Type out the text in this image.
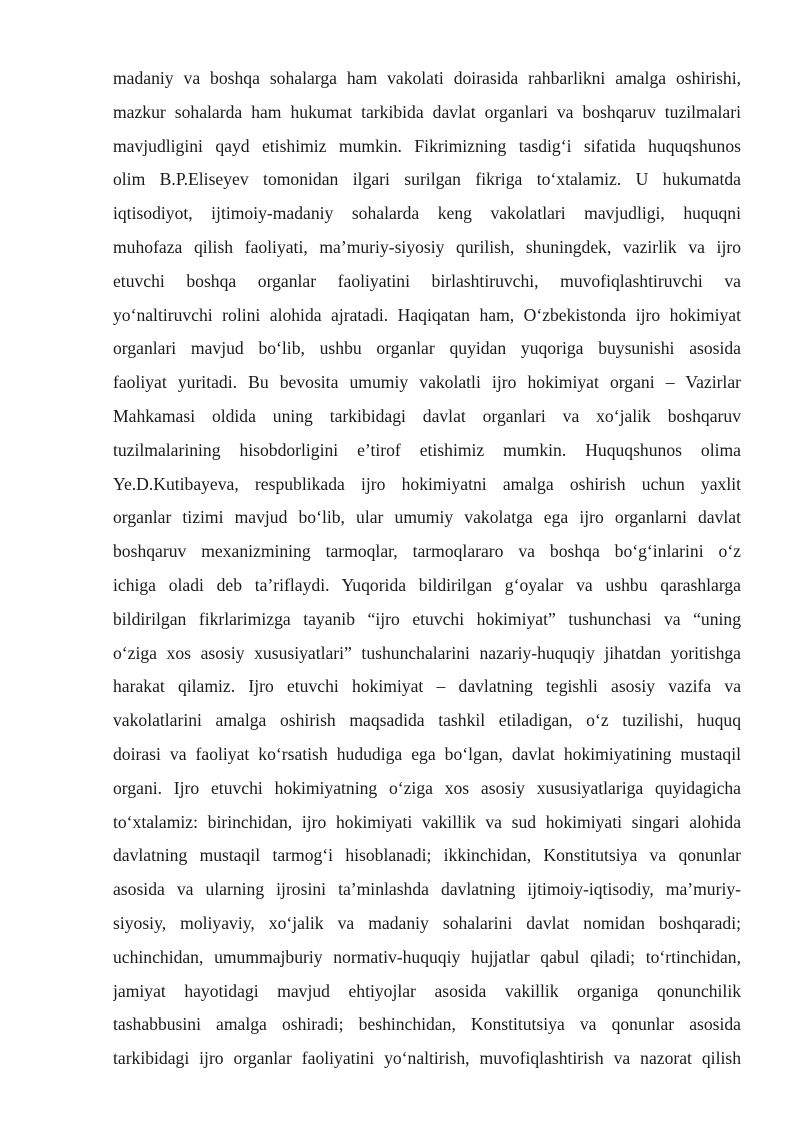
madaniy va boshqa sohalarga ham vakolati doirasida rahbarlikni amalga oshirishi,
mazkur sohalarda ham hukumat tarkibida davlat organlari va boshqaruv tuzilmalari
mavjudligini qayd etishimiz mumkin. Fikrimizning tasdig‘i sifatida huquqshunos
olim B.P.Eliseyev tomonidan ilgari surilgan fikriga to‘xtalamiz. U hukumatda
iqtisodiyot, ijtimoiy-madaniy sohalarda keng vakolatlari mavjudligi, huquqni
muhofaza qilish faoliyati, ma’muriy-siyosiy qurilish, shuningdek, vazirlik va ijro
etuvchi boshqa organlar faoliyatini birlashtiruvchi, muvofiqlashtiruvchi va
yo‘naltiruvchi rolini alohida ajratadi. Haqiqatan ham, O‘zbekistonda ijro hokimiyat
organlari mavjud bo‘lib, ushbu organlar quyidan yuqoriga buysunishi asosida
faoliyat yuritadi. Bu bevosita umumiy vakolatli ijro hokimiyat organi – Vazirlar
Mahkamasi oldida uning tarkibidagi davlat organlari va xo‘jalik boshqaruv
tuzilmalarining hisobdorligini e’tirof etishimiz mumkin. Huquqshunos olima
Ye.D.Kutibayeva, respublikada ijro hokimiyatni amalga oshirish uchun yaxlit
organlar tizimi mavjud bo‘lib, ular umumiy vakolatga ega ijro organlarni davlat
boshqaruv mexanizmining tarmoqlar, tarmoqlararo va boshqa bo‘g‘inlarini o‘z
ichiga oladi deb ta’riflaydi. Yuqorida bildirilgan g‘oyalar va ushbu qarashlarga
bildirilgan fikrlarimizga tayanib “ijro etuvchi hokimiyat” tushunchasi va “uning
o‘ziga xos asosiy xususiyatlari” tushunchalarini nazariy-huquqiy jihatdan yoritishga
harakat qilamiz. Ijro etuvchi hokimiyat – davlatning tegishli asosiy vazifa va
vakolatlarini amalga oshirish maqsadida tashkil etiladigan, o‘z tuzilishi, huquq
doirasi va faoliyat ko‘rsatish hududiga ega bo‘lgan, davlat hokimiyatining mustaqil
organi. Ijro etuvchi hokimiyatning o‘ziga xos asosiy xususiyatlariga quyidagicha
to‘xtalamiz: birinchidan, ijro hokimiyati vakillik va sud hokimiyati singari alohida
davlatning mustaqil tarmog‘i hisoblanadi; ikkinchidan, Konstitutsiya va qonunlar
asosida va ularning ijrosini ta’minlashda davlatning ijtimoiy-iqtisodiy, ma’muriy-
siyosiy, moliyaviy, xo‘jalik va madaniy sohalarini davlat nomidan boshqaradi;
uchinchidan, umummajburiy normativ-huquqiy hujjatlar qabul qiladi; to‘rtinchidan,
jamiyat hayotidagi mavjud ehtiyojlar asosida vakillik organiga qonunchilik
tashabbusini amalga oshiradi; beshinchidan, Konstitutsiya va qonunlar asosida
tarkibidagi ijro organlar faoliyatini yo‘naltirish, muvofiqlashtirish va nazorat qilish
